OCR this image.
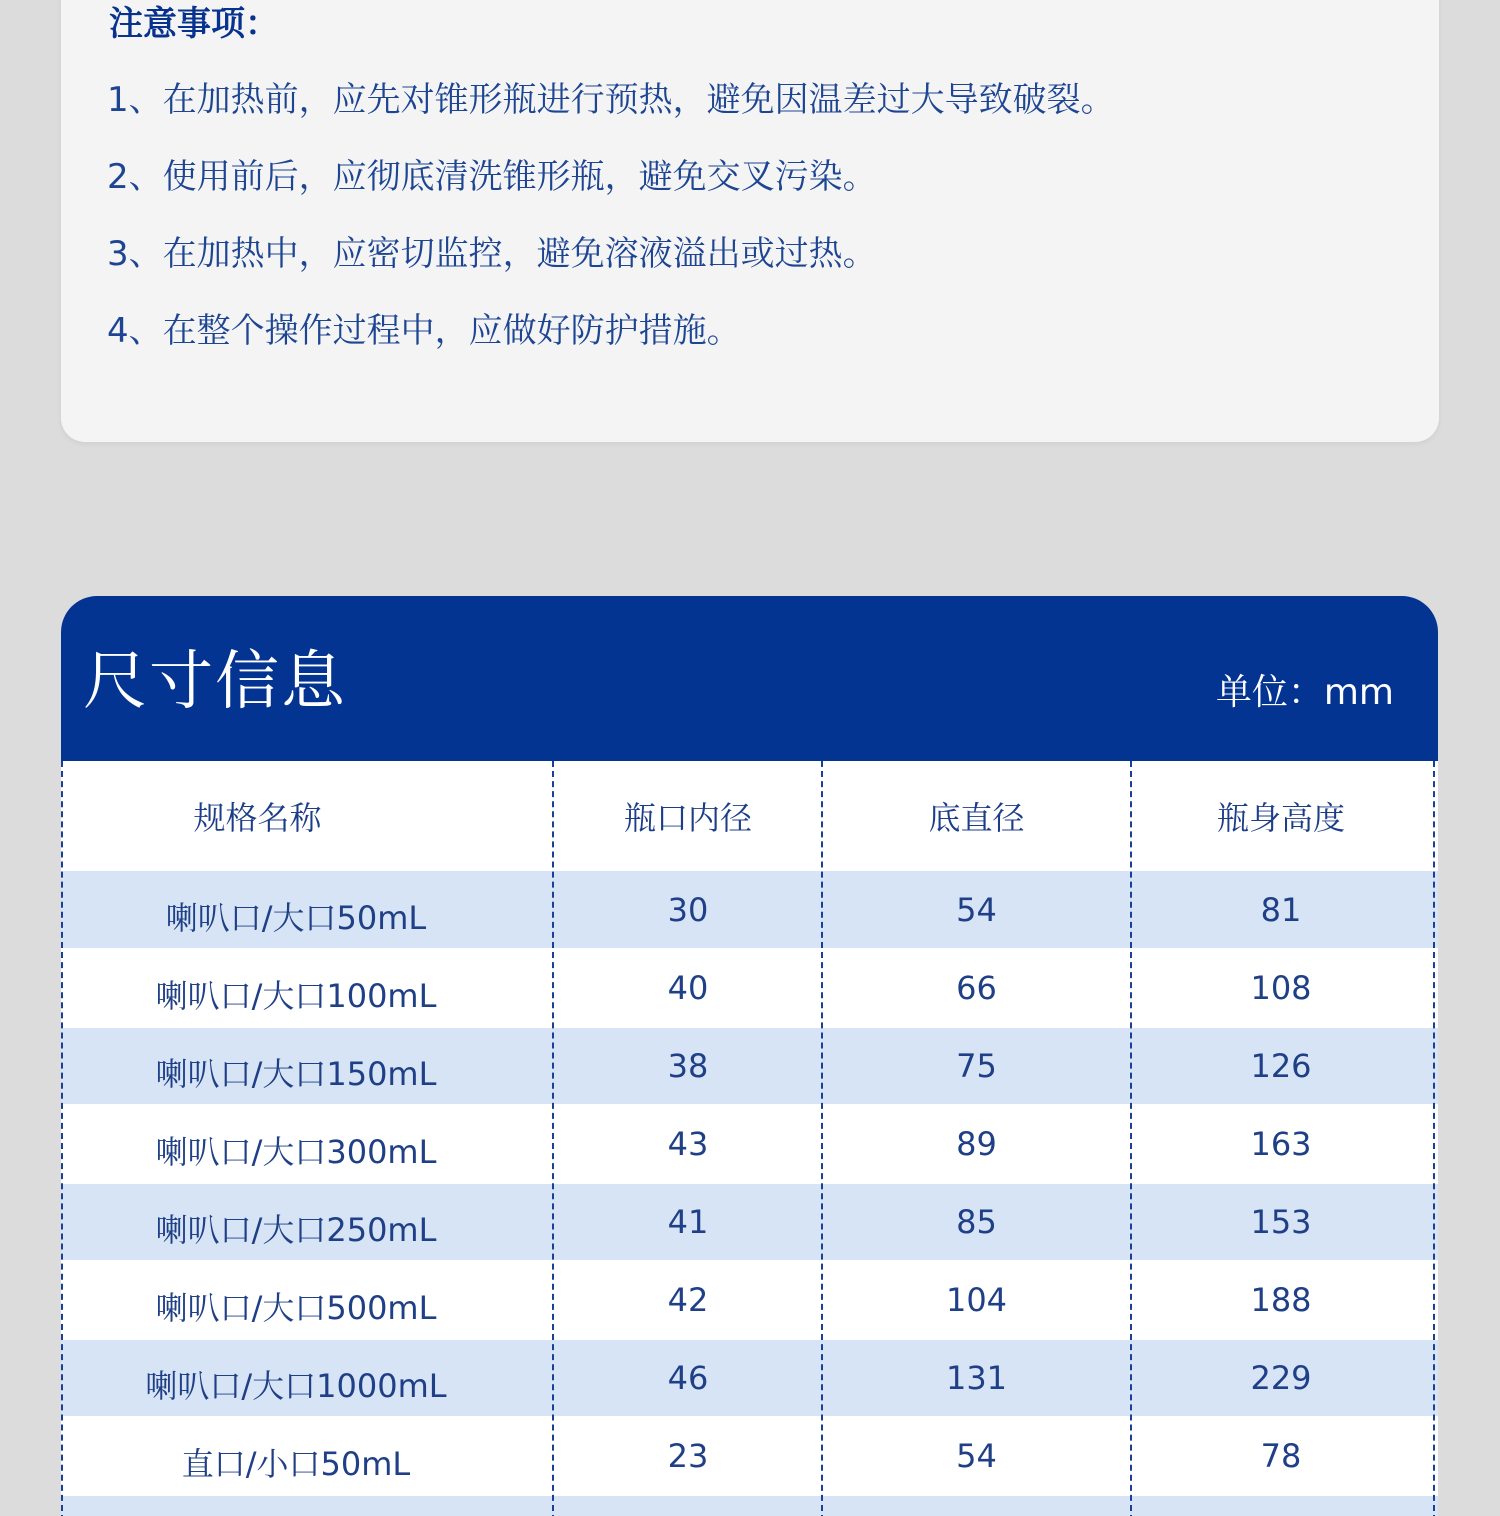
注意事项：
1、在加热前，应先对锥形瓶进行预热，避免因温差过大导致破裂。
2、使用前后，应彻底清洗锥形瓶，避免交叉污染。
3、在加热中，应密切监控，避免溶液溢出或过热。
4、在整个操作过程中，应做好防护措施。
尺寸信息	单位：mm
规格名称	瓶口内径	底直径	瓶身高度
喇叭口/大口50mL	30	54	81
喇叭口/大口100mL	40	66	108
喇叭口/大口150mL	38	75	126
喇叭口/大口300mL	43	89	163
喇叭口/大口250mL	41	85	153
喇叭口/大口500mL	42	104	188
喇叭口/大口1000mL	46	131	229
直口/小口50mL	23	54	78
